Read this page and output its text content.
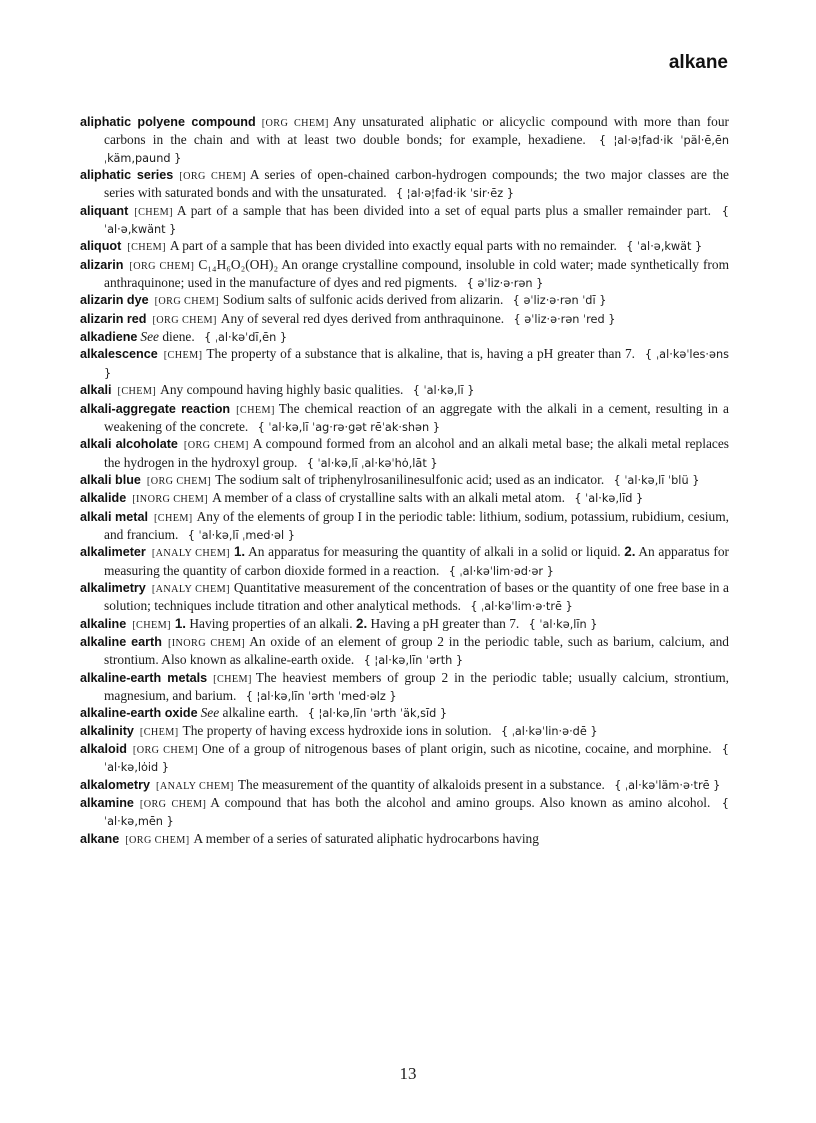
alkane

aliphatic polyene compound [ORG CHEM] Any unsaturated aliphatic or alicyclic compound with more than four carbons in the chain and with at least two double bonds; for example, hexadiene. { ¦al·ə¦fad·ik ˈpäl·ē‚ēn ˌkäm‚paund }

aliphatic series [ORG CHEM] A series of open-chained carbon-hydrogen compounds; the two major classes are the series with saturated bonds and with the unsaturated. { ¦al·ə¦fad·ik ˈsir·ēz }

aliquant [CHEM] A part of a sample that has been divided into a set of equal parts plus a smaller remainder part. { ˈal·ə‚kwänt }

aliquot [CHEM] A part of a sample that has been divided into exactly equal parts with no remainder. { ˈal·ə‚kwät }

alizarin [ORG CHEM] C₁₄H₆O₂(OH)₂ An orange crystalline compound, insoluble in cold water; made synthetically from anthraquinone; used in the manufacture of dyes and red pigments. { əˈliz·ə·rən }

alizarin dye [ORG CHEM] Sodium salts of sulfonic acids derived from alizarin. { əˈliz·ə·rən ˈdī }

alizarin red [ORG CHEM] Any of several red dyes derived from anthraquinone. { əˈliz·ə·rən ˈred }

alkadiene See diene. { ˌal·kəˈdī‚ēn }

alkalescence [CHEM] The property of a substance that is alkaline, that is, having a pH greater than 7. { ˌal·kəˈles·əns }

alkali [CHEM] Any compound having highly basic qualities. { ˈal·kə‚lī }

alkali-aggregate reaction [CHEM] The chemical reaction of an aggregate with the alkali in a cement, resulting in a weakening of the concrete. { ˈal·kə‚lī ˈag·rə·gət rēˈak·shən }

alkali alcoholate [ORG CHEM] A compound formed from an alcohol and an alkali metal base; the alkali metal replaces the hydrogen in the hydroxyl group. { ˈal·kə‚lī ˌal·kəˈhȯ‚lāt }

alkali blue [ORG CHEM] The sodium salt of triphenylrosanilinesulfonic acid; used as an indicator. { ˈal·kə‚lī ˈblü }

alkalide [INORG CHEM] A member of a class of crystalline salts with an alkali metal atom. { ˈal·kə‚līd }

alkali metal [CHEM] Any of the elements of group I in the periodic table: lithium, sodium, potassium, rubidium, cesium, and francium. { ˈal·kə‚lī ˌmed·əl }

alkalimeter [ANALY CHEM] 1. An apparatus for measuring the quantity of alkali in a solid or liquid. 2. An apparatus for measuring the quantity of carbon dioxide formed in a reaction. { ˌal·kəˈlim·əd·ər }

alkalimetry [ANALY CHEM] Quantitative measurement of the concentration of bases or the quantity of one free base in a solution; techniques include titration and other analytical methods. { ˌal·kəˈlim·ə·trē }

alkaline [CHEM] 1. Having properties of an alkali. 2. Having a pH greater than 7. { ˈal·kə‚līn }

alkaline earth [INORG CHEM] An oxide of an element of group 2 in the periodic table, such as barium, calcium, and strontium. Also known as alkaline-earth oxide. { ¦al·kə‚līn ˈərth }

alkaline-earth metals [CHEM] The heaviest members of group 2 in the periodic table; usually calcium, strontium, magnesium, and barium. { ¦al·kə‚līn ˈərth ˈmed·əlz }

alkaline-earth oxide See alkaline earth. { ¦al·kə‚līn ˈərth ˈäk‚sīd }

alkalinity [CHEM] The property of having excess hydroxide ions in solution. { ˌal·kəˈlin·ə·dē }

alkaloid [ORG CHEM] One of a group of nitrogenous bases of plant origin, such as nicotine, cocaine, and morphine. { ˈal·kə‚lȯid }

alkalometry [ANALY CHEM] The measurement of the quantity of alkaloids present in a substance. { ˌal·kəˈläm·ə·trē }

alkamine [ORG CHEM] A compound that has both the alcohol and amino groups. Also known as amino alcohol. { ˈal·kə‚mēn }

alkane [ORG CHEM] A member of a series of saturated aliphatic hydrocarbons having

13
